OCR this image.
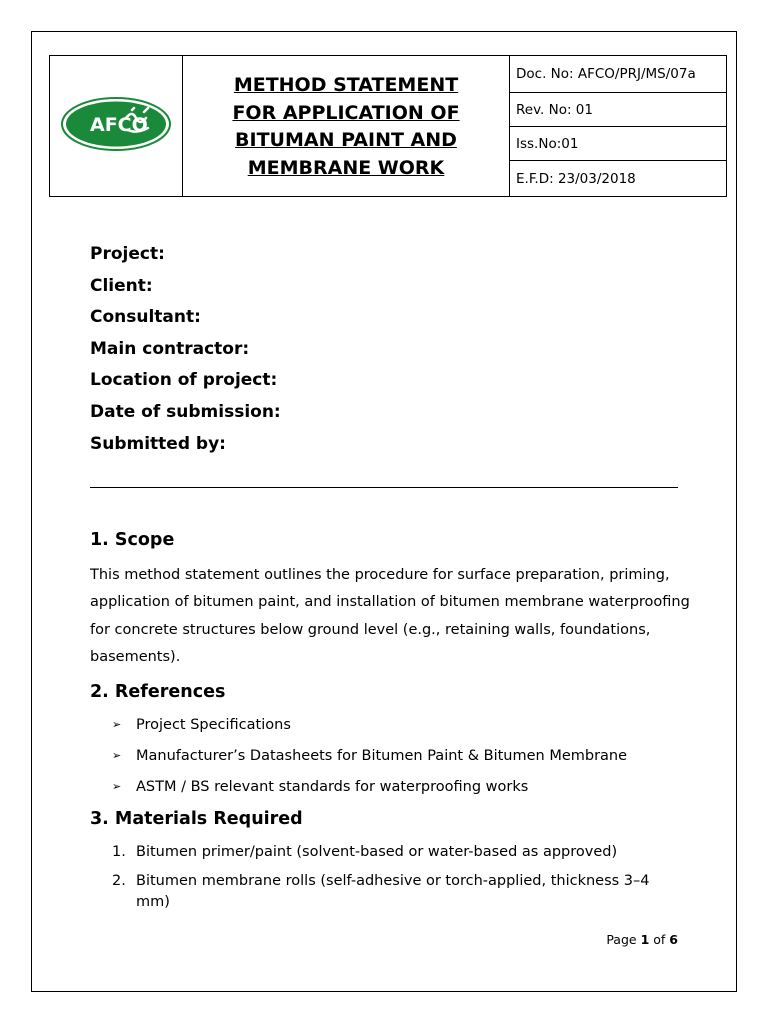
AFCO

METHOD STATEMENT
FOR APPLICATION OF
BITUMAN PAINT AND
MEMBRANE WORK
	Doc. No: AFCO/PRJ/MS/07a
Rev. No: 01
Iss.No:01
E.F.D: 23/03/2018
Project:
Client:
Consultant:
Main contractor:
Location of project:
Date of submission:
Submitted by:
1. Scope
This method statement outlines the procedure for surface preparation, priming, application of bitumen paint, and installation of bitumen membrane waterproofing for concrete structures below ground level (e.g., retaining walls, foundations, basements).
2. References
➢ Project Specifications
➢ Manufacturer’s Datasheets for Bitumen Paint & Bitumen Membrane
➢ ASTM / BS relevant standards for waterproofing works
3. Materials Required
1. Bitumen primer/paint (solvent-based or water-based as approved)
2. Bitumen membrane rolls (self-adhesive or torch-applied, thickness 3–4 mm)
Page 1 of 6
